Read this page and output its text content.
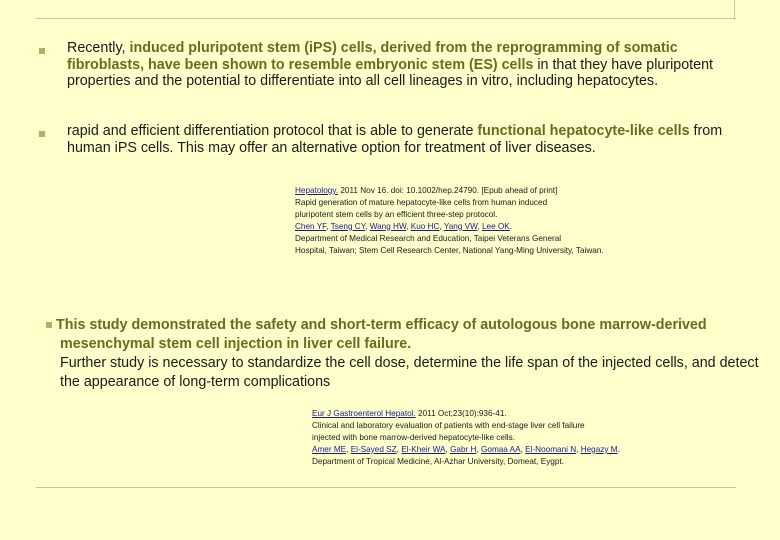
Recently, induced pluripotent stem (iPS) cells, derived from the reprogramming of somatic fibroblasts, have been shown to resemble embryonic stem (ES) cells in that they have pluripotent properties and the potential to differentiate into all cell lineages in vitro, including hepatocytes.
rapid and efficient differentiation protocol that is able to generate functional hepatocyte-like cells from human iPS cells. This may offer an alternative option for treatment of liver diseases.
Hepatology. 2011 Nov 16. doi: 10.1002/hep.24790. [Epub ahead of print]
Rapid generation of mature hepatocyte-like cells from human induced
pluripotent stem cells by an efficient three-step protocol.
Chen YF, Tseng CY, Wang HW, Kuo HC, Yang VW, Lee OK.
Department of Medical Research and Education, Taipei Veterans General
Hospital, Taiwan; Stem Cell Research Center, National Yang-Ming University, Taiwan.
This study demonstrated the safety and short-term efficacy of autologous bone marrow-derived mesenchymal stem cell injection in liver cell failure.
Further study is necessary to standardize the cell dose, determine the life span of the injected cells, and detect the appearance of long-term complications
Eur J Gastroenterol Hepatol. 2011 Oct;23(10):936-41.
Clinical and laboratory evaluation of patients with end-stage liver cell failure
injected with bone marrow-derived hepatocyte-like cells.
Amer ME, El-Sayed SZ, El-Kheir WA, Gabr H, Gomaa AA, El-Noomani N, Hegazy M.
Department of Tropical Medicine, Al-Azhar University, Domeat, Eygpt.
